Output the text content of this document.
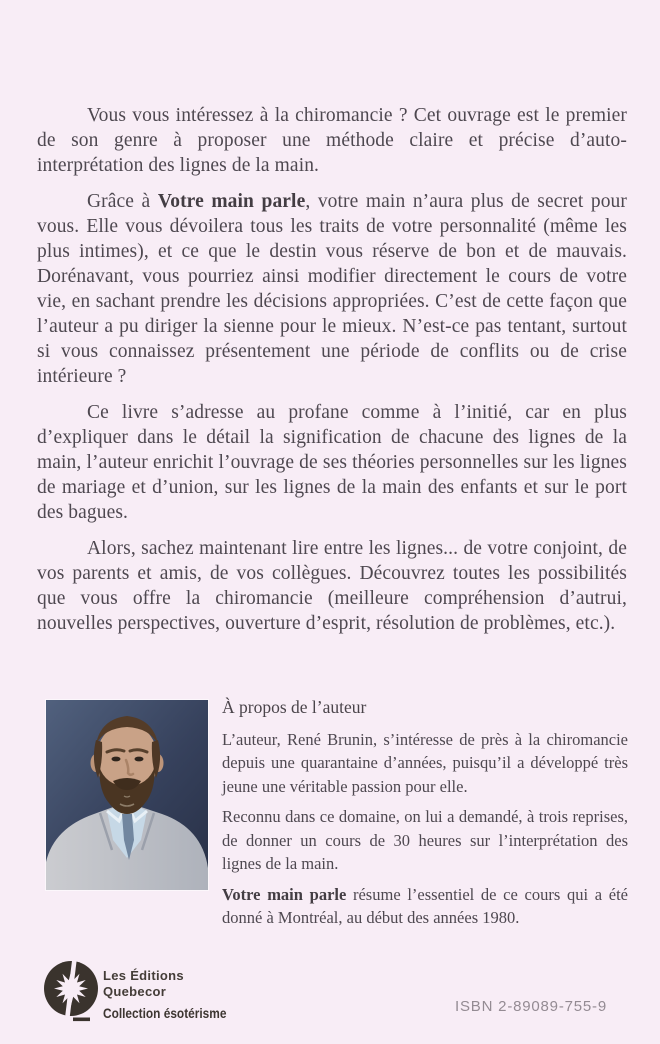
Vous vous intéressez à la chiromancie ? Cet ouvrage est le premier de son genre à proposer une méthode claire et précise d’auto-interprétation des lignes de la main.

Grâce à Votre main parle, votre main n’aura plus de secret pour vous. Elle vous dévoilera tous les traits de votre personnalité (même les plus intimes), et ce que le destin vous réserve de bon et de mauvais. Dorénavant, vous pourriez ainsi modifier directement le cours de votre vie, en sachant prendre les décisions appropriées. C’est de cette façon que l’auteur a pu diriger la sienne pour le mieux. N’est-ce pas tentant, surtout si vous connaissez présentement une période de conflits ou de crise intérieure ?

Ce livre s’adresse au profane comme à l’initié, car en plus d’expliquer dans le détail la signification de chacune des lignes de la main, l’auteur enrichit l’ouvrage de ses théories personnelles sur les lignes de mariage et d’union, sur les lignes de la main des enfants et sur le port des bagues.

Alors, sachez maintenant lire entre les lignes... de votre conjoint, de vos parents et amis, de vos collègues. Découvrez toutes les possibilités que vous offre la chiromancie (meilleure compréhension d’autrui, nouvelles perspectives, ouverture d’esprit, résolution de problèmes, etc.).

À propos de l’auteur

L’auteur, René Brunin, s’intéresse de près à la chiromancie depuis une quarantaine d’années, puisqu’il a développé très jeune une véritable passion pour elle.

Reconnu dans ce domaine, on lui a demandé, à trois reprises, de donner un cours de 30 heures sur l’interprétation des lignes de la main.

Votre main parle résume l’essentiel de ce cours qui a été donné à Montréal, au début des années 1980.

Les Éditions
Quebecor
Collection ésotérisme	ISBN 2-89089-755-9
